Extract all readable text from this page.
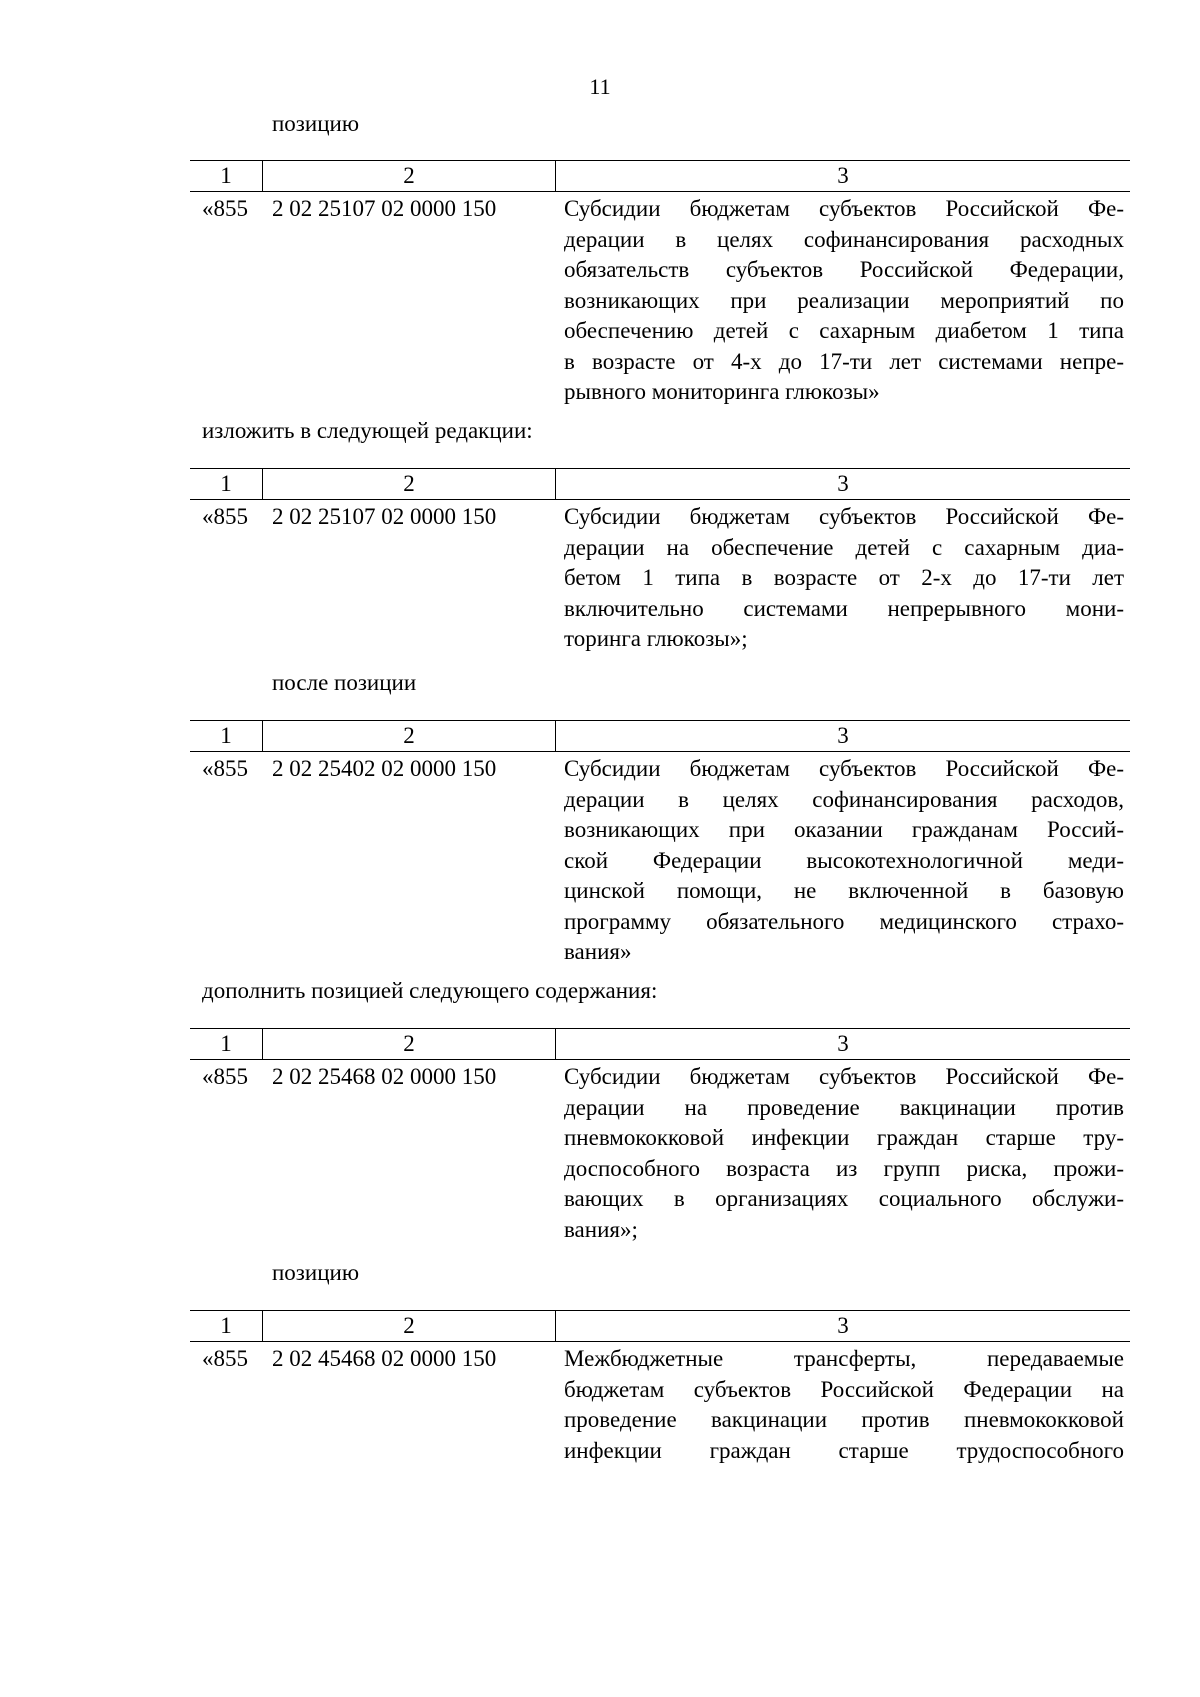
11
позицию
1	2	3
«855	2 02 25107 02 0000 150	Субсидии бюджетам субъектов Российской Фе-
дерации в целях софинансирования расходных
обязательств субъектов Российской Федерации,
возникающих при реализации мероприятий по
обеспечению детей с сахарным диабетом 1 типа
в возрасте от 4-х до 17-ти лет системами непре-
рывного мониторинга глюкозы»
изложить в следующей редакции:
1	2	3
«855	2 02 25107 02 0000 150	Субсидии бюджетам субъектов Российской Фе-
дерации на обеспечение детей с сахарным диа-
бетом 1 типа в возрасте от 2-х до 17-ти лет
включительно системами непрерывного мони-
торинга глюкозы»;
после позиции
1	2	3
«855	2 02 25402 02 0000 150	Субсидии бюджетам субъектов Российской Фе-
дерации в целях софинансирования расходов,
возникающих при оказании гражданам Россий-
ской Федерации высокотехнологичной меди-
цинской помощи, не включенной в базовую
программу обязательного медицинского страхо-
вания»
дополнить позицией следующего содержания:
1	2	3
«855	2 02 25468 02 0000 150	Субсидии бюджетам субъектов Российской Фе-
дерации на проведение вакцинации против
пневмококковой инфекции граждан старше тру-
доспособного возраста из групп риска, прожи-
вающих в организациях социального обслужи-
вания»;
позицию
1	2	3
«855	2 02 45468 02 0000 150	Межбюджетные трансферты, передаваемые
бюджетам субъектов Российской Федерации на
проведение вакцинации против пневмококковой
инфекции граждан старше трудоспособного
